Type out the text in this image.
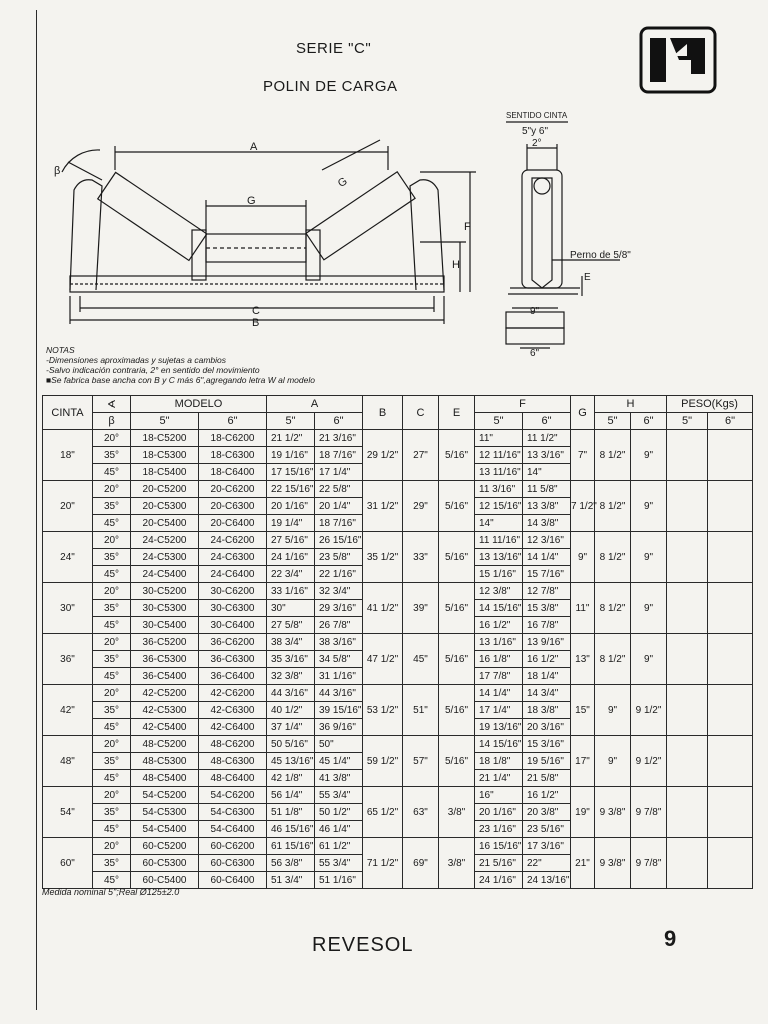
SERIE "C"
POLIN DE CARGA
A
G
G
F
H
C
B
β
SENTIDO CINTA
5"y 6"
2°
Perno de 5/8"
E
9"
6"
NOTAS
-Dimensiones aproximadas y sujetas a cambios
-Salvo indicación contraria, 2° en sentido del movimiento
■Se fabrica base ancha con B y C más 6",agregando letra W al modelo
CINTA	∢	MODELO		A		B	C	E	F		G	H		PESO(Kgs)	
	β	5"	6"	5"	6"				5"	6"		5"	6"	5"	6"
18"	20°	18-C5200	18-C6200	21 1/2"	21 3/16"	29 1/2"	27"	5/16"	11"	11 1/2"	7"	8 1/2"	9"		
	35°	18-C5300	18-C6300	19 1/16"	18 7/16"				12 11/16"	13 3/16"					
	45°	18-C5400	18-C6400	17 15/16"	17 1/4"				13 11/16"	14"					
20"	20°	20-C5200	20-C6200	22 15/16"	22 5/8"	31 1/2"	29"	5/16"	11 3/16"	11 5/8"	7 1/2"	8 1/2"	9"		
	35°	20-C5300	20-C6300	20 1/16"	20 1/4"				12 15/16"	13 3/8"					
	45°	20-C5400	20-C6400	19 1/4"	18 7/16"				14"	14 3/8"					
24"	20°	24-C5200	24-C6200	27 5/16"	26 15/16"	35 1/2"	33"	5/16"	11 11/16"	12 3/16"	9"	8 1/2"	9"		
	35°	24-C5300	24-C6300	24 1/16"	23 5/8"				13 13/16"	14 1/4"					
	45°	24-C5400	24-C6400	22 3/4"	22 1/16"				15 1/16"	15 7/16"					
30"	20°	30-C5200	30-C6200	33 1/16"	32 3/4"	41 1/2"	39"	5/16"	12 3/8"	12 7/8"	11"	8 1/2"	9"		
	35°	30-C5300	30-C6300	30"	29 3/16"				14 15/16"	15 3/8"					
	45°	30-C5400	30-C6400	27 5/8"	26 7/8"				16 1/2"	16 7/8"					
36"	20°	36-C5200	36-C6200	38 3/4"	38 3/16"	47 1/2"	45"	5/16"	13 1/16"	13 9/16"	13"	8 1/2"	9"		
	35°	36-C5300	36-C6300	35 3/16"	34 5/8"				16 1/8"	16 1/2"					
	45°	36-C5400	36-C6400	32 3/8"	31 1/16"				17 7/8"	18 1/4"					
42"	20°	42-C5200	42-C6200	44 3/16"	44 3/16"	53 1/2"	51"	5/16"	14 1/4"	14 3/4"	15"	9"	9 1/2"		
	35°	42-C5300	42-C6300	40 1/2"	39 15/16"				17 1/4"	18 3/8"					
	45°	42-C5400	42-C6400	37 1/4"	36 9/16"				19 13/16"	20 3/16"					
48"	20°	48-C5200	48-C6200	50 5/16"	50"	59 1/2"	57"	5/16"	14 15/16"	15 3/16"	17"	9"	9 1/2"		
	35°	48-C5300	48-C6300	45 13/16"	45 1/4"				18 1/8"	19 5/16"					
	45°	48-C5400	48-C6400	42 1/8"	41 3/8"				21 1/4"	21 5/8"					
54"	20°	54-C5200	54-C6200	56 1/4"	55 3/4"	65 1/2"	63"	3/8"	16"	16 1/2"	19"	9 3/8"	9 7/8"		
	35°	54-C5300	54-C6300	51 1/8"	50 1/2"				20 1/16"	20 3/8"					
	45°	54-C5400	54-C6400	46 15/16"	46 1/4"				23 1/16"	23 5/16"					
60"	20°	60-C5200	60-C6200	61 15/16"	61 1/2"	71 1/2"	69"	3/8"	16 15/16"	17 3/16"	21"	9 3/8"	9 7/8"		
	35°	60-C5300	60-C6300	56 3/8"	55 3/4"				21 5/16"	22"					
	45°	60-C5400	60-C6400	51 3/4"	51 1/16"				24 1/16"	24 13/16"					
Medida nominal 5";Real Ø125±2.0
REVESOL	9
